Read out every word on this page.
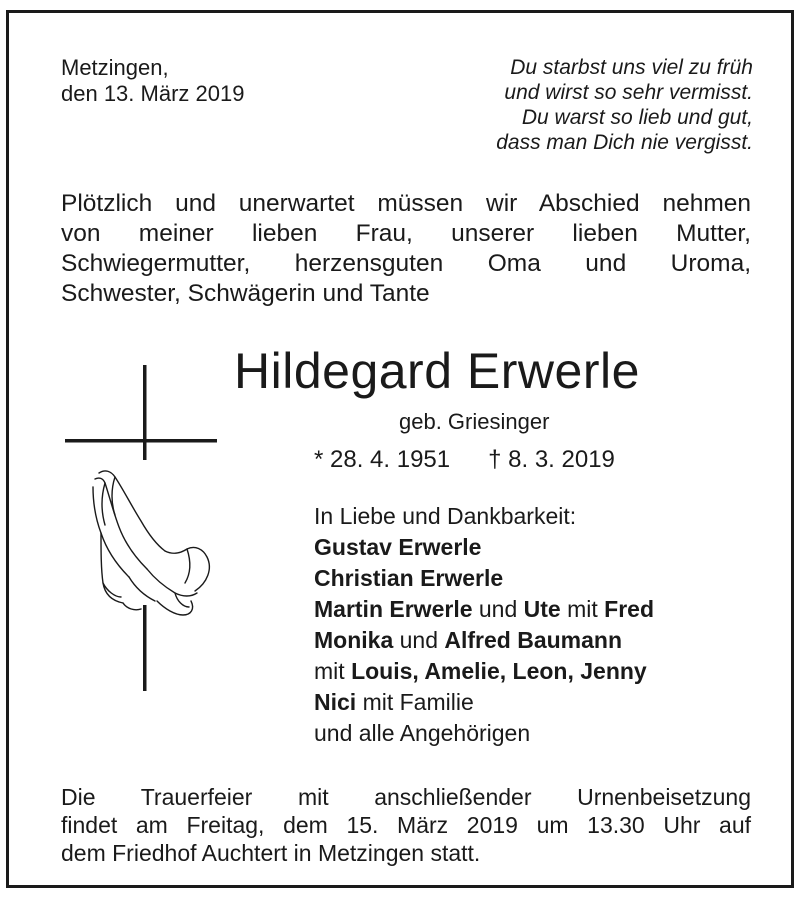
Metzingen,
den 13. März 2019
Du starbst uns viel zu früh
und wirst so sehr vermisst.
Du warst so lieb und gut,
dass man Dich nie vergisst.
Plötzlich und unerwartet müssen wir Abschied nehmen
von meiner lieben Frau, unserer lieben Mutter,
Schwiegermutter, herzensguten Oma und Uroma,
Schwester, Schwägerin und Tante
Hildegard Erwerle
geb. Griesinger
* 28. 4. 1951 † 8. 3. 2019
In Liebe und Dankbarkeit:
Gustav Erwerle
Christian Erwerle
Martin Erwerle und Ute mit Fred
Monika und Alfred Baumann
mit Louis, Amelie, Leon, Jenny
Nici mit Familie
und alle Angehörigen
Die Trauerfeier mit anschließender Urnenbeisetzung
findet am Freitag, dem 15. März 2019 um 13.30 Uhr auf
dem Friedhof Auchtert in Metzingen statt.
